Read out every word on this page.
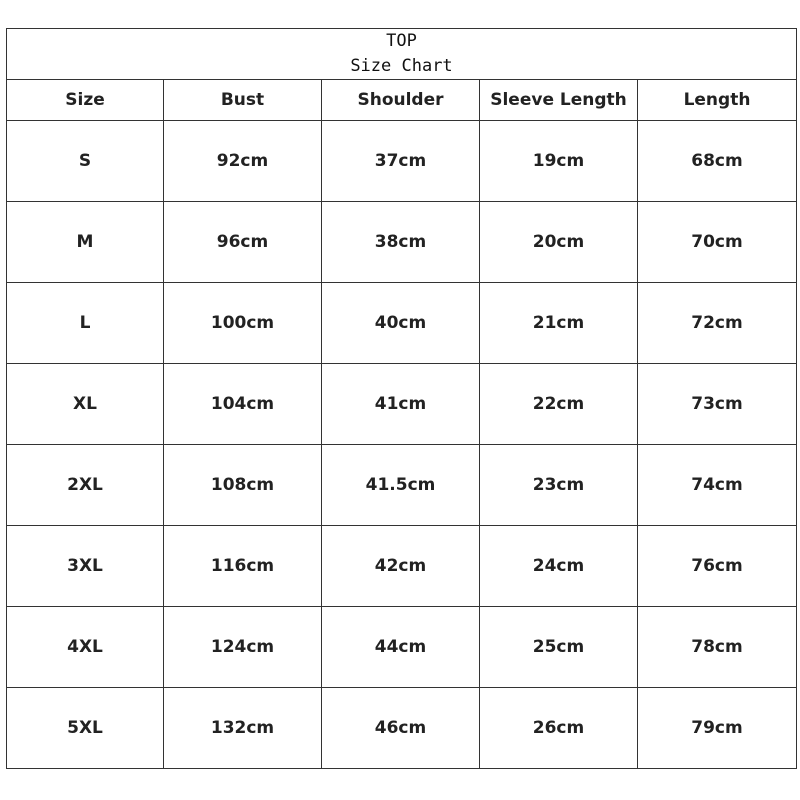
TOP
Size Chart				

Size	Bust	Shoulder	Sleeve Length	Length
S	92cm	37cm	19cm	68cm
M	96cm	38cm	20cm	70cm
L	100cm	40cm	21cm	72cm
XL	104cm	41cm	22cm	73cm
2XL	108cm	41.5cm	23cm	74cm
3XL	116cm	42cm	24cm	76cm
4XL	124cm	44cm	25cm	78cm
5XL	132cm	46cm	26cm	79cm
